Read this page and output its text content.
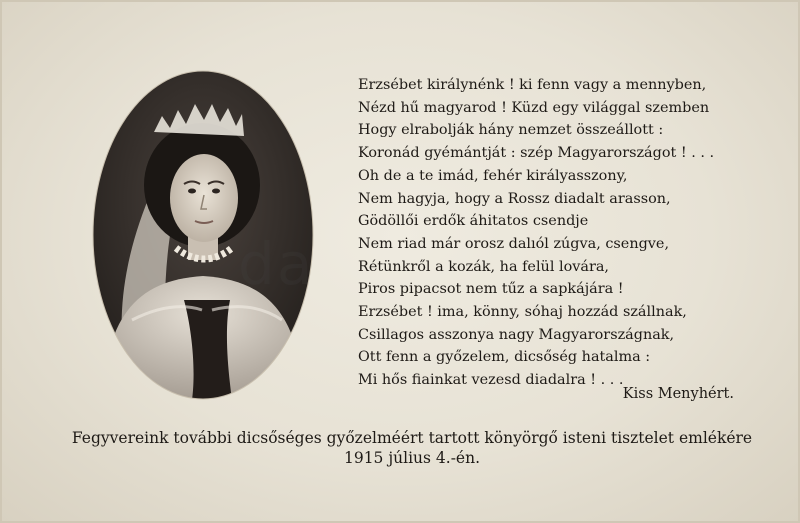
da
Erzsébet királynénk ! ki fenn vagy a mennyben,
Nézd hű magyarod ! Küzd egy világgal szemben
Hogy elrabolják hány nemzet összeállott :
Koronád gyémántját : szép Magyarországot ! . . .
Oh de a te imád, fehér királyasszony,
Nem hagyja, hogy a Rossz diadalt arasson,
Gödöllői erdők áhitatos csendje
Nem riad már orosz dalıól zúgva, csengve,
Rétünkről a kozák, ha felül lovára,
Piros pipacsot nem tűz a sapkájára !
Erzsébet ! ima, könny, sóhaj hozzád szállnak,
Csillagos asszonya nagy Magyarországnak,
Ott fenn a győzelem, dicsőség hatalma :
Mi hős fiainkat vezesd diadalra ! . . .
Kiss Menyhért.
Fegyvereink további dicsőséges győzelméért tartott könyörgő isteni tisztelet emlékére
1915 július 4.-én.
